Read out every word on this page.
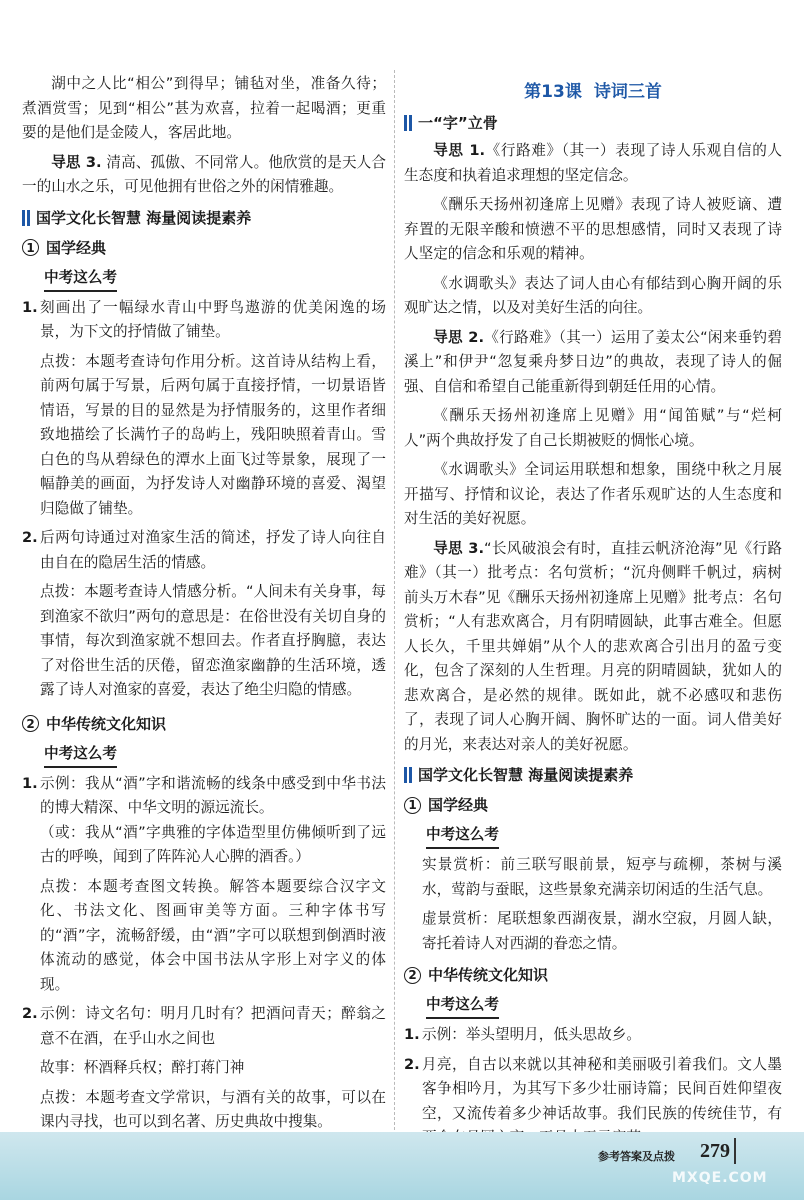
湖中之人比“相公”到得早；铺毡对坐，准备久待；煮酒赏雪；见到“相公”甚为欢喜，拉着一起喝酒；更重要的是他们是金陵人，客居此地。

导思 3. 清高、孤傲、不同常人。他欣赏的是天人合一的山水之乐，可见他拥有世俗之外的闲情雅趣。

国学文化长智慧 海量阅读提素养
1 国学经典
中考这么考
1. 刻画出了一幅绿水青山中野鸟遨游的优美闲逸的场景，为下文的抒情做了铺垫。

点拨：本题考查诗句作用分析。这首诗从结构上看，前两句属于写景，后两句属于直接抒情，一切景语皆情语，写景的目的显然是为抒情服务的，这里作者细致地描绘了长满竹子的岛屿上，残阳映照着青山。雪白色的鸟从碧绿色的潭水上面飞过等景象，展现了一幅静美的画面，为抒发诗人对幽静环境的喜爱、渴望归隐做了铺垫。

2. 后两句诗通过对渔家生活的简述，抒发了诗人向往自由自在的隐居生活的情感。

点拨：本题考查诗人情感分析。“人间未有关身事，每到渔家不欲归”两句的意思是：在俗世没有关切自身的事情，每次到渔家就不想回去。作者直抒胸臆，表达了对俗世生活的厌倦，留恋渔家幽静的生活环境，透露了诗人对渔家的喜爱，表达了绝尘归隐的情感。

2 中华传统文化知识
中考这么考
1. 示例：我从“酒”字和谐流畅的线条中感受到中华书法的博大精深、中华文明的源远流长。

（或：我从“酒”字典雅的字体造型里仿佛倾听到了远古的呼唤，闻到了阵阵沁人心脾的酒香。）

点拨：本题考查图文转换。解答本题要综合汉字文化、书法文化、图画审美等方面。三种字体书写的“酒”字，流畅舒缓，由“酒”字可以联想到倒酒时液体流动的感觉，体会中国书法从字形上对字义的体现。

2. 示例：诗文名句：明月几时有？把酒问青天；醉翁之意不在酒，在乎山水之间也

故事：杯酒释兵权；醉打蒋门神

点拨：本题考查文学常识，与酒有关的故事，可以在课内寻找，也可以到名著、历史典故中搜集。

第13课 诗词三首
一“字”立骨

导思 1.《行路难》（其一）表现了诗人乐观自信的人生态度和执着追求理想的坚定信念。

《酬乐天扬州初逢席上见赠》表现了诗人被贬谪、遭弃置的无限辛酸和愤懑不平的思想感情，同时又表现了诗人坚定的信念和乐观的精神。

《水调歌头》表达了词人由心有郁结到心胸开阔的乐观旷达之情，以及对美好生活的向往。

导思 2.《行路难》（其一）运用了姜太公“闲来垂钓碧溪上”和伊尹“忽复乘舟梦日边”的典故，表现了诗人的倔强、自信和希望自己能重新得到朝廷任用的心情。

《酬乐天扬州初逢席上见赠》用“闻笛赋”与“烂柯人”两个典故抒发了自己长期被贬的惆怅心境。

《水调歌头》全词运用联想和想象，围绕中秋之月展开描写、抒情和议论，表达了作者乐观旷达的人生态度和对生活的美好祝愿。

导思 3.“长风破浪会有时，直挂云帆济沧海”见《行路难》（其一）批考点：名句赏析；“沉舟侧畔千帆过，病树前头万木春”见《酬乐天扬州初逢席上见赠》批考点：名句赏析；“人有悲欢离合，月有阴晴圆缺，此事古难全。但愿人长久，千里共婵娟”从个人的悲欢离合引出月的盈亏变化，包含了深刻的人生哲理。月亮的阴晴圆缺，犹如人的悲欢离合，是必然的规律。既如此，就不必感叹和悲伤了，表现了词人心胸开阔、胸怀旷达的一面。词人借美好的月光，来表达对亲人的美好祝愿。

国学文化长智慧 海量阅读提素养
1 国学经典
中考这么考

实景赏析：前三联写眼前景，短亭与疏柳，茶树与溪水，莺韵与蚕眠，这些景象充满亲切闲适的生活气息。

虚景赏析：尾联想象西湖夜景，湖水空寂，月圆人缺，寄托着诗人对西湖的眷恋之情。

2 中华传统文化知识
中考这么考
1. 示例：举头望明月，低头思故乡。

2. 月亮，自古以来就以其神秘和美丽吸引着我们。文人墨客争相吟月，为其写下多少壮丽诗篇；民间百姓仰望夜空，又流传着多少神话故事。我们民族的传统佳节，有

参考答案及点拨 279
MXQE.COM
